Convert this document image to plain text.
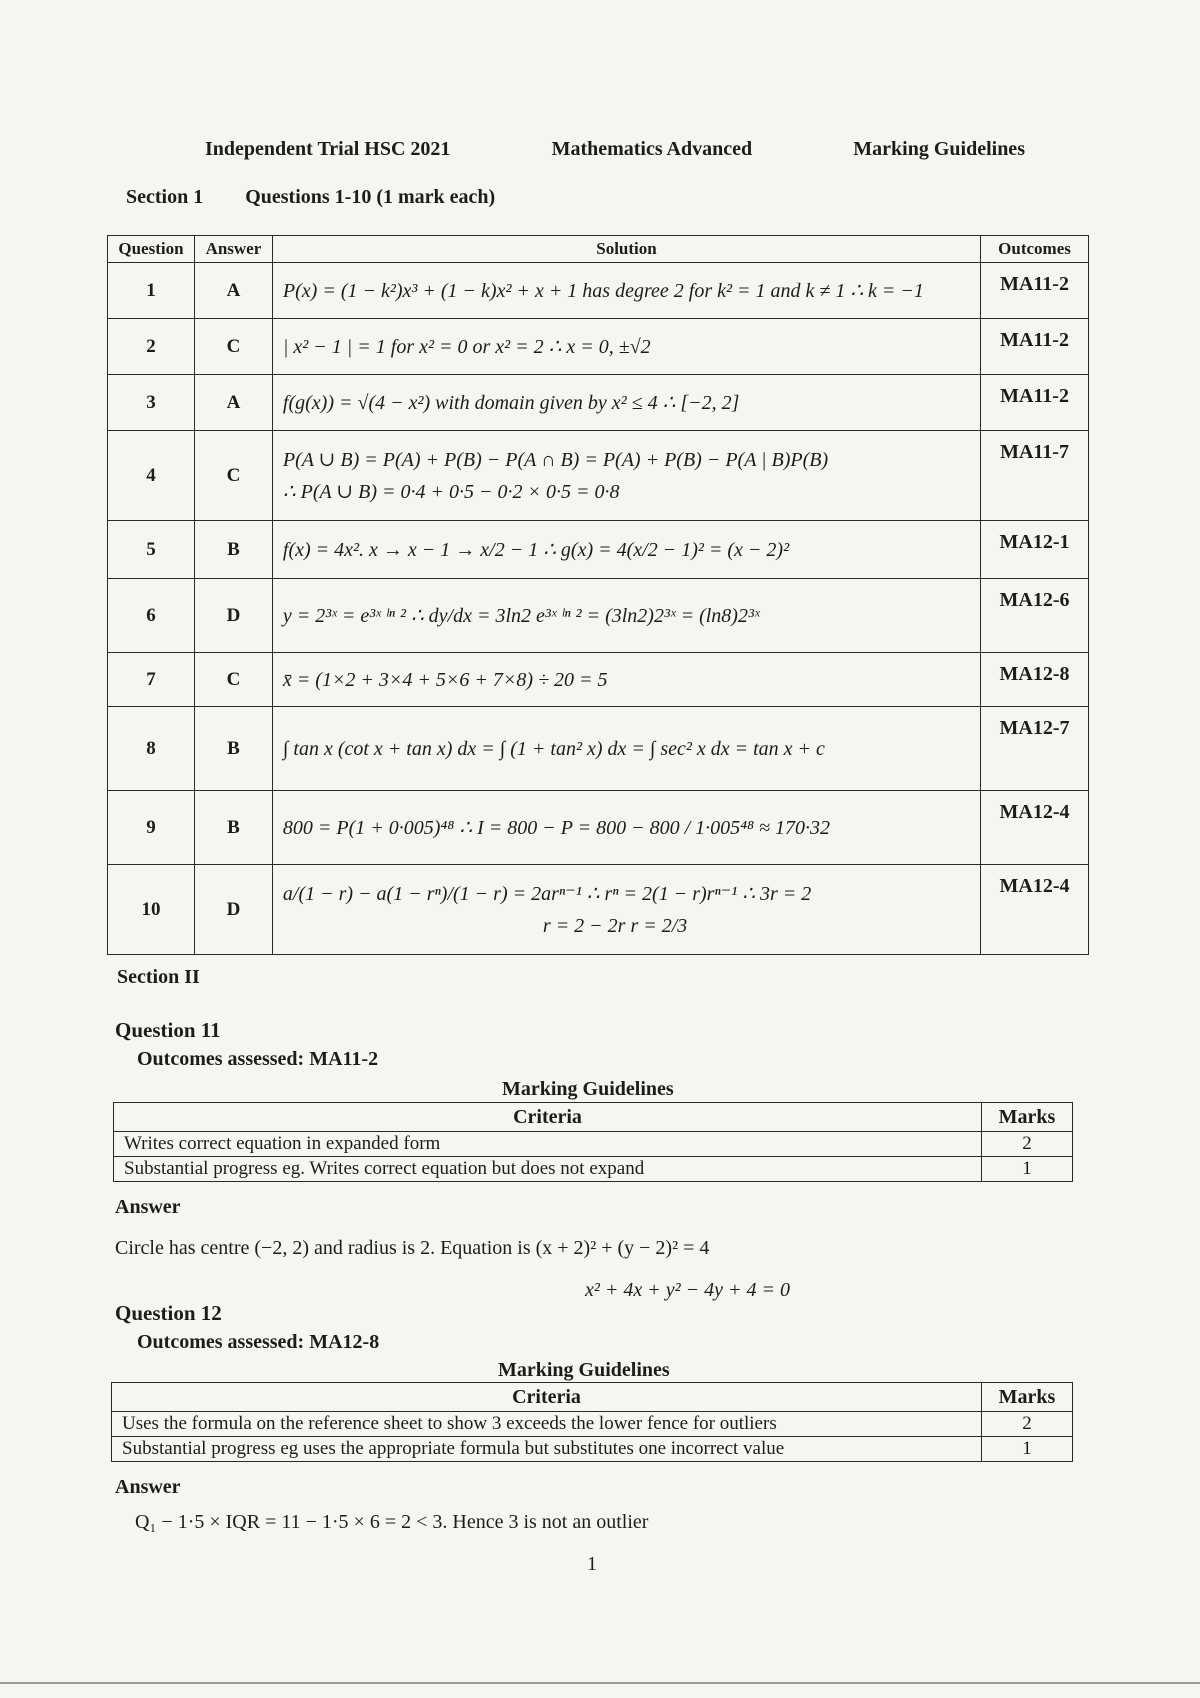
Independent Trial HSC 2021	Mathematics Advanced	Marking Guidelines
Section 1 Questions 1-10 (1 mark each)
Question	Answer	Solution	Outcomes
1	A	P(x) = (1 − k²)x³ + (1 − k)x² + x + 1 has degree 2 for k² = 1 and k ≠ 1 ∴ k = −1	MA11-2
2	C	| x² − 1 | = 1 for x² = 0 or x² = 2 ∴ x = 0, ±√2	MA11-2
3	A	f(g(x)) = √(4 − x²) with domain given by x² ≤ 4 ∴ [−2, 2]	MA11-2
4	C	P(A ∪ B) = P(A) + P(B) − P(A ∩ B) = P(A) + P(B) − P(A | B)P(B)
∴ P(A ∪ B) = 0·4 + 0·5 − 0·2 × 0·5 = 0·8	MA11-7
5	B	f(x) = 4x². x → x − 1 → x/2 − 1 ∴ g(x) = 4(x/2 − 1)² = (x − 2)²	MA12-1
6	D	y = 2³ˣ = e³ˣ ˡⁿ ² ∴ dy/dx = 3ln2 e³ˣ ˡⁿ ² = (3ln2)2³ˣ = (ln8)2³ˣ	MA12-6
7	C	x̄ = (1×2 + 3×4 + 5×6 + 7×8) ÷ 20 = 5	MA12-8
8	B	∫ tan x (cot x + tan x) dx = ∫ (1 + tan² x) dx = ∫ sec² x dx = tan x + c	MA12-7
9	B	800 = P(1 + 0·005)⁴⁸ ∴ I = 800 − P = 800 − 800 / 1·005⁴⁸ ≈ 170·32	MA12-4
10	D	a/(1 − r) − a(1 − rⁿ)/(1 − r) = 2arⁿ⁻¹ ∴ rⁿ = 2(1 − r)rⁿ⁻¹ ∴ 3r = 2
r = 2 − 2r r = 2/3	MA12-4
Section II
Question 11
Outcomes assessed: MA11-2
Marking Guidelines
Criteria	Marks
Writes correct equation in expanded form	2
Substantial progress eg. Writes correct equation but does not expand	1
Answer
Circle has centre (−2, 2) and radius is 2. Equation is (x + 2)² + (y − 2)² = 4
x² + 4x + y² − 4y + 4 = 0
Question 12
Outcomes assessed: MA12-8
Marking Guidelines
Criteria	Marks
Uses the formula on the reference sheet to show 3 exceeds the lower fence for outliers	2
Substantial progress eg uses the appropriate formula but substitutes one incorrect value	1
Answer
Q₁ − 1·5 × IQR = 11 − 1·5 × 6 = 2 < 3. Hence 3 is not an outlier
1
